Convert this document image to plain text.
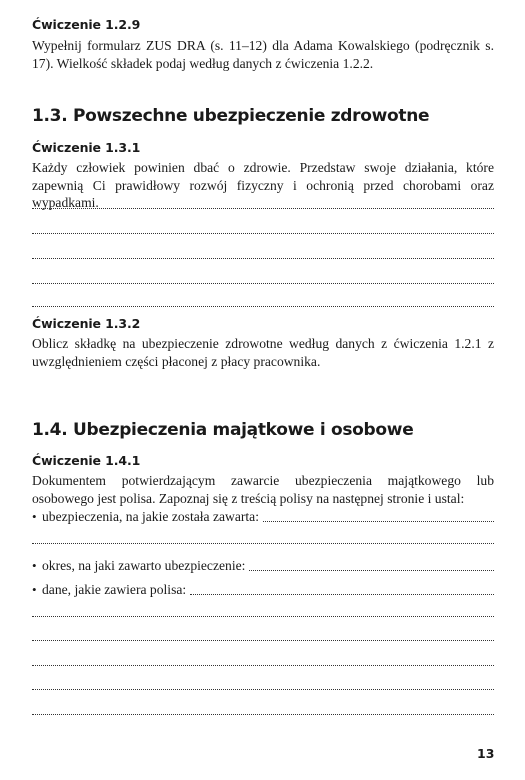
Ćwiczenie 1.2.9
Wypełnij formularz ZUS DRA (s. 11–12) dla Adama Kowalskiego (podręcznik s. 17). Wielkość składek podaj według danych z ćwiczenia 1.2.2.
1.3. Powszechne ubezpieczenie zdrowotne
Ćwiczenie 1.3.1
Każdy człowiek powinien dbać o zdrowie. Przedstaw swoje działania, które zapewnią Ci prawidłowy rozwój fizyczny i ochronią przed chorobami oraz wypadkami.
Ćwiczenie 1.3.2
Oblicz składkę na ubezpieczenie zdrowotne według danych z ćwiczenia 1.2.1 z uwzględnieniem części płaconej z płacy pracownika.
1.4. Ubezpieczenia majątkowe i osobowe
Ćwiczenie 1.4.1
Dokumentem potwierdzającym zawarcie ubezpieczenia majątkowego lub osobowego jest polisa. Zapoznaj się z treścią polisy na następnej stronie i ustal:
• ubezpieczenia, na jakie została zawarta:
• okres, na jaki zawarto ubezpieczenie:
• dane, jakie zawiera polisa:
13
